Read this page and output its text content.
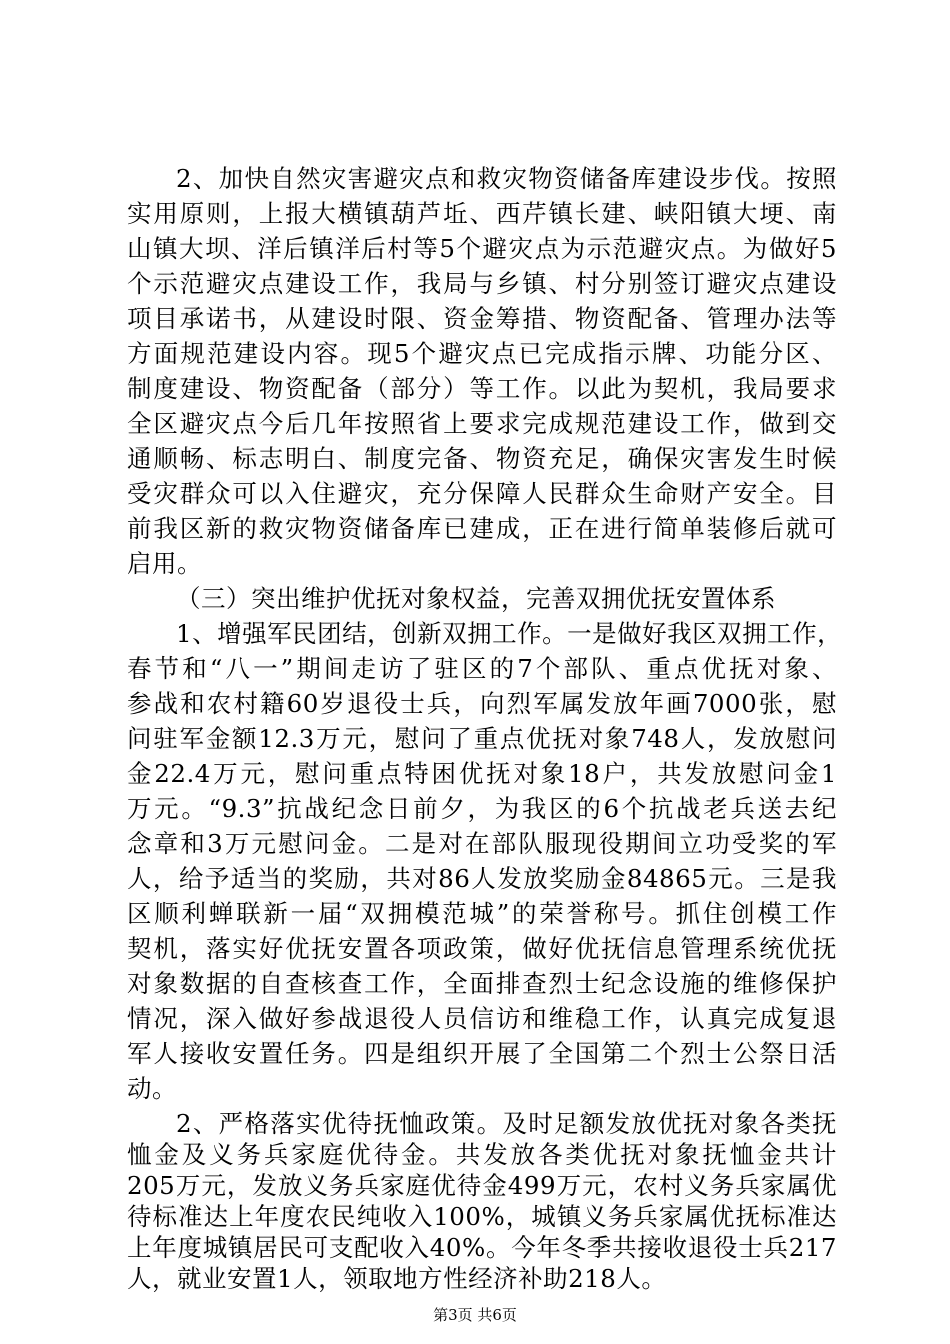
2、加快自然灾害避灾点和救灾物资储备库建设步伐。按照
实用原则，上报大横镇葫芦坵、西芹镇长建、峡阳镇大埂、南
山镇大坝、洋后镇洋后村等5个避灾点为示范避灾点。为做好5
个示范避灾点建设工作，我局与乡镇、村分别签订避灾点建设
项目承诺书，从建设时限、资金筹措、物资配备、管理办法等
方面规范建设内容。现5个避灾点已完成指示牌、功能分区、
制度建设、物资配备（部分）等工作。以此为契机，我局要求
全区避灾点今后几年按照省上要求完成规范建设工作，做到交
通顺畅、标志明白、制度完备、物资充足，确保灾害发生时候
受灾群众可以入住避灾，充分保障人民群众生命财产安全。目
前我区新的救灾物资储备库已建成，正在进行简单装修后就可
启用。
（三）突出维护优抚对象权益，完善双拥优抚安置体系
1、增强军民团结，创新双拥工作。一是做好我区双拥工作，
春节和“八一”期间走访了驻区的7个部队、重点优抚对象、
参战和农村籍60岁退役士兵，向烈军属发放年画7000张，慰
问驻军金额12.3万元，慰问了重点优抚对象748人，发放慰问
金22.4万元，慰问重点特困优抚对象18户，共发放慰问金1
万元。“9.3”抗战纪念日前夕，为我区的6个抗战老兵送去纪
念章和3万元慰问金。二是对在部队服现役期间立功受奖的军
人，给予适当的奖励，共对86人发放奖励金84865元。三是我
区顺利蝉联新一届“双拥模范城”的荣誉称号。抓住创模工作
契机，落实好优抚安置各项政策，做好优抚信息管理系统优抚
对象数据的自查核查工作，全面排查烈士纪念设施的维修保护
情况，深入做好参战退役人员信访和维稳工作，认真完成复退
军人接收安置任务。四是组织开展了全国第二个烈士公祭日活
动。
2、严格落实优待抚恤政策。及时足额发放优抚对象各类抚
恤金及义务兵家庭优待金。共发放各类优抚对象抚恤金共计
205万元，发放义务兵家庭优待金499万元，农村义务兵家属优
待标准达上年度农民纯收入100%，城镇义务兵家属优抚标准达
上年度城镇居民可支配收入40%。今年冬季共接收退役士兵217
人，就业安置1人，领取地方性经济补助218人。
第3页 共6页
